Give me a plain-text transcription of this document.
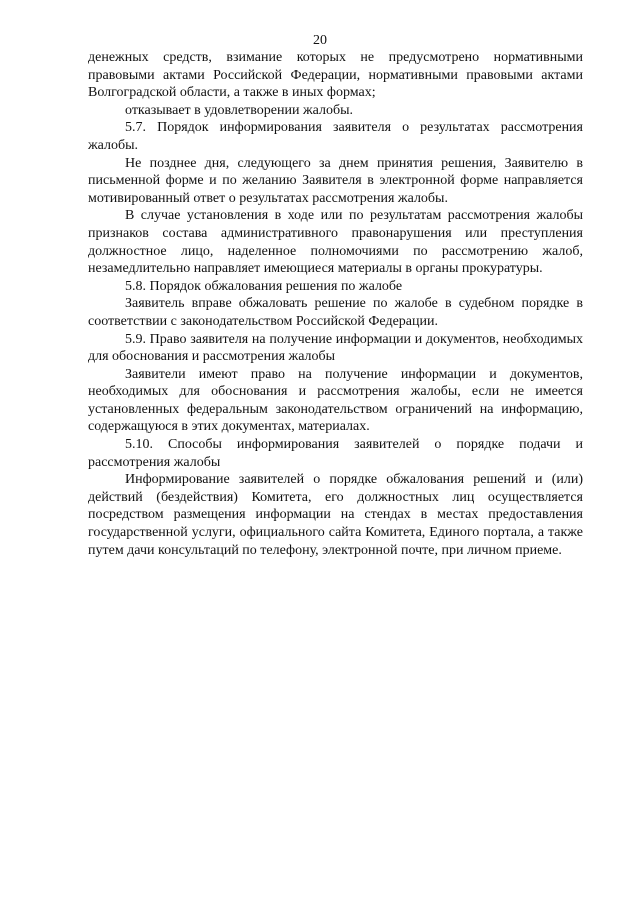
20

денежных средств, взимание которых не предусмотрено нормативными правовыми актами Российской Федерации, нормативными правовыми актами Волгоградской области, а также в иных формах;

отказывает в удовлетворении жалобы.

5.7. Порядок информирования заявителя о результатах рассмотрения жалобы.

Не позднее дня, следующего за днем принятия решения, Заявителю в письменной форме и по желанию Заявителя в электронной форме направляется мотивированный ответ о результатах рассмотрения жалобы.

В случае установления в ходе или по результатам рассмотрения жалобы признаков состава административного правонарушения или преступления должностное лицо, наделенное полномочиями по рассмотрению жалоб, незамедлительно направляет имеющиеся материалы в органы прокуратуры.

5.8. Порядок обжалования решения по жалобе

Заявитель вправе обжаловать решение по жалобе в судебном порядке в соответствии с законодательством Российской Федерации.

5.9. Право заявителя на получение информации и документов, необходимых для обоснования и рассмотрения жалобы

Заявители имеют право на получение информации и документов, необходимых для обоснования и рассмотрения жалобы, если не имеется установленных федеральным законодательством ограничений на информацию, содержащуюся в этих документах, материалах.

5.10. Способы информирования заявителей о порядке подачи и рассмотрения жалобы

Информирование заявителей о порядке обжалования решений и (или) действий (бездействия) Комитета, его должностных лиц осуществляется посредством размещения информации на стендах в местах предоставления государственной услуги, официального сайта Комитета, Единого портала, а также путем дачи консультаций по телефону, электронной почте, при личном приеме.
